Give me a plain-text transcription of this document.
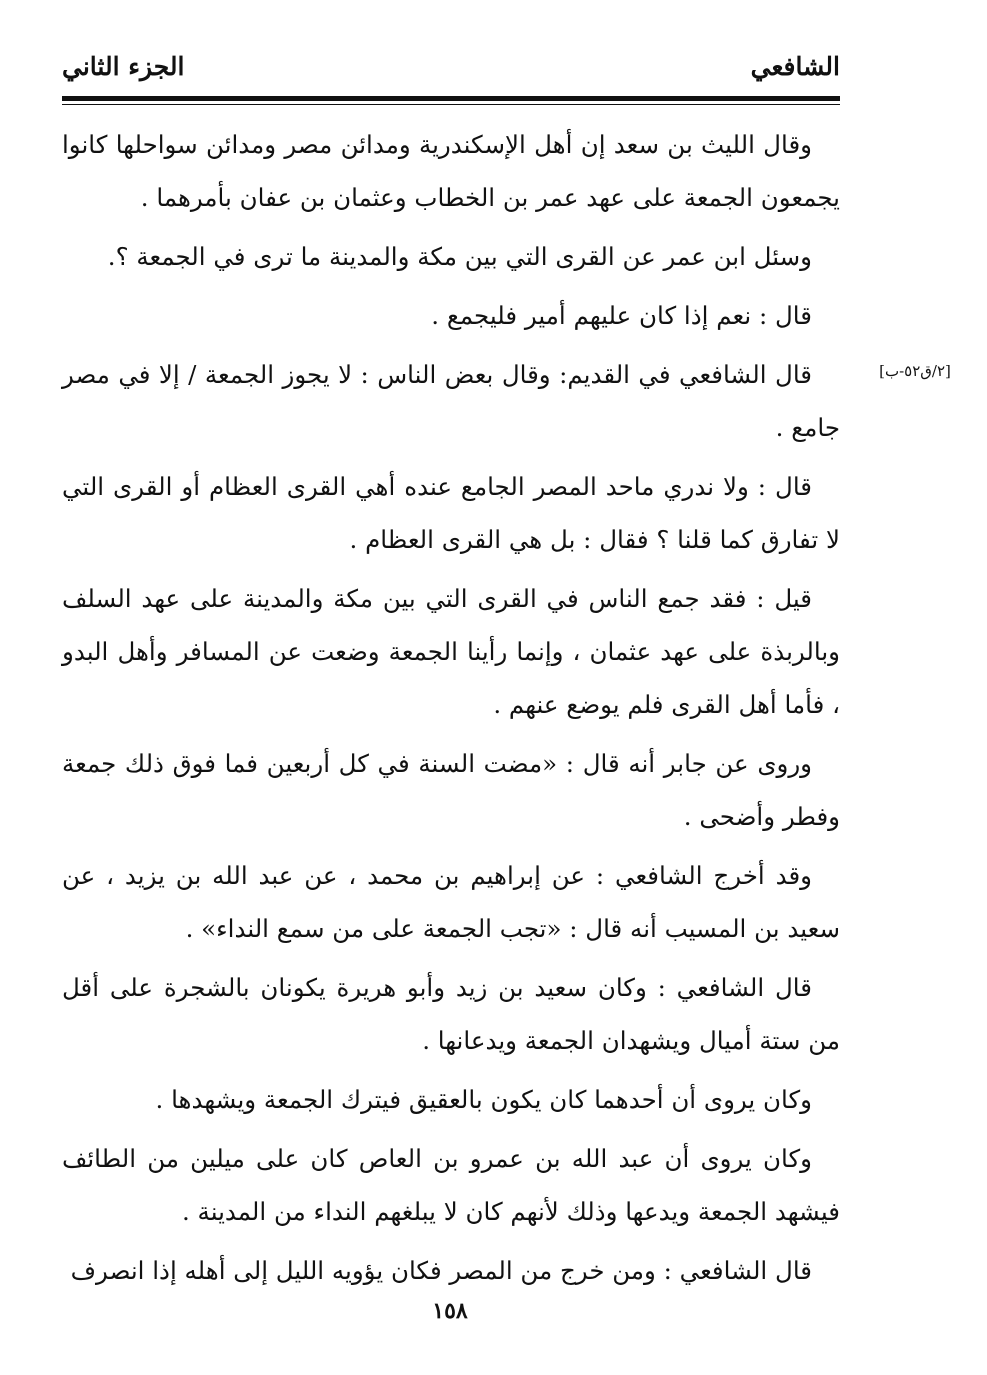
الشافعي
الجزء الثاني
[٢/ق٥٢-ب]

وقال الليث بن سعد إن أهل الإسكندرية ومدائن مصر ومدائن سواحلها كانوا يجمعون الجمعة على عهد عمر بن الخطاب وعثمان بن عفان بأمرهما .

وسئل ابن عمر عن القرى التي بين مكة والمدينة ما ترى في الجمعة ؟.

قال : نعم إذا كان عليهم أمير فليجمع .

قال الشافعي في القديم: وقال بعض الناس : لا يجوز الجمعة / إلا في مصر جامع .

قال : ولا ندري ماحد المصر الجامع عنده أهي القرى العظام أو القرى التي لا تفارق كما قلنا ؟ فقال : بل هي القرى العظام .

قيل : فقد جمع الناس في القرى التي بين مكة والمدينة على عهد السلف وبالربذة على عهد عثمان ، وإنما رأينا الجمعة وضعت عن المسافر وأهل البدو ، فأما أهل القرى فلم يوضع عنهم .

وروى عن جابر أنه قال : «مضت السنة في كل أربعين فما فوق ذلك جمعة وفطر وأضحى .

وقد أخرج الشافعي : عن إبراهيم بن محمد ، عن عبد الله بن يزيد ، عن سعيد بن المسيب أنه قال : «تجب الجمعة على من سمع النداء» .

قال الشافعي : وكان سعيد بن زيد وأبو هريرة يكونان بالشجرة على أقل من ستة أميال ويشهدان الجمعة ويدعانها .

وكان يروى أن أحدهما كان يكون بالعقيق فيترك الجمعة ويشهدها .

وكان يروى أن عبد الله بن عمرو بن العاص كان على ميلين من الطائف فيشهد الجمعة ويدعها وذلك لأنهم كان لا يبلغهم النداء من المدينة .

قال الشافعي : ومن خرج من المصر فكان يؤويه الليل إلى أهله إذا انصرف

١٥٨
